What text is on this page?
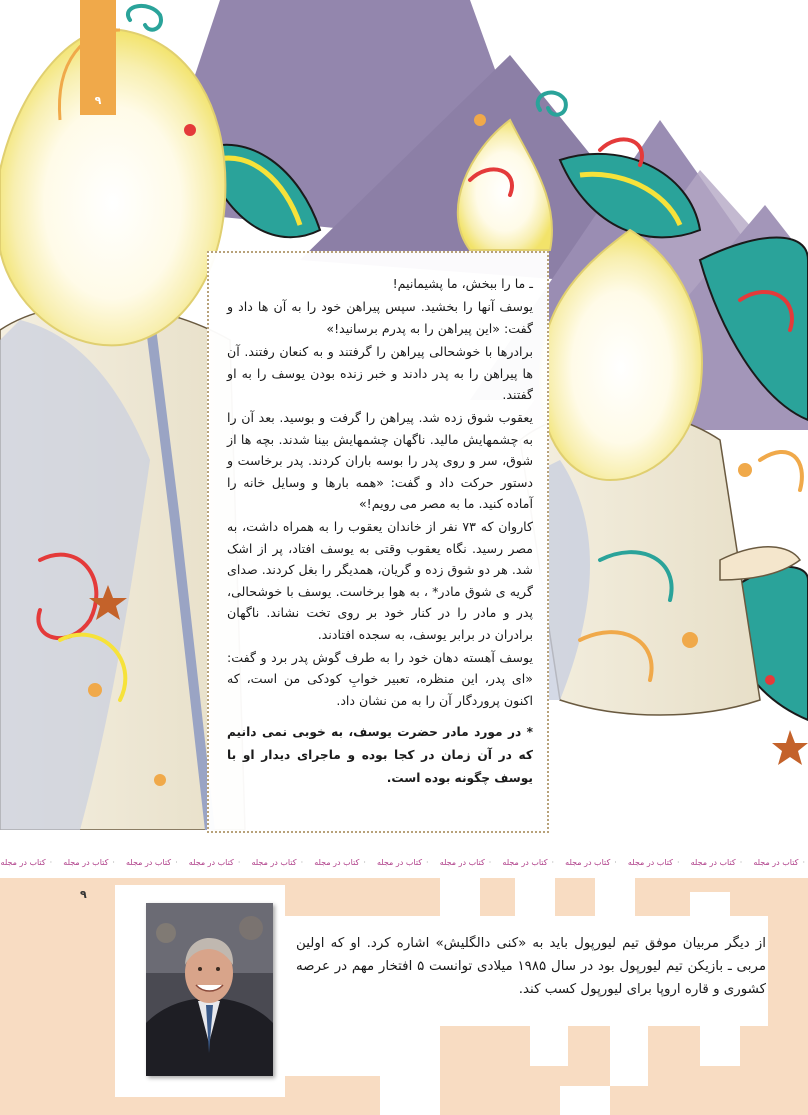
۹

ـ ما را ببخش، ما پشیمانیم!

یوسف آنها را بخشید. سپس پیراهن خود را به آن ها داد و گفت: «این پیراهن را به پدرم برسانید!»

برادرها با خوشحالی پیراهن را گرفتند و به کنعان رفتند. آن ها پیراهن را به پدر دادند و خبر زنده بودن یوسف را به او گفتند.

یعقوب شوق زده شد. پیراهن را گرفت و بوسید. بعد آن را به چشمهایش مالید. ناگهان چشمهایش بینا شدند. بچه ها از شوق، سر و روی پدر را بوسه باران کردند. پدر برخاست و دستور حرکت داد و گفت: «همه بارها و وسایل خانه را آماده کنید. ما به مصر می رویم!»

کاروان که ۷۳ نفر از خاندان یعقوب را به همراه داشت، به مصر رسید. نگاه یعقوب وقتی به یوسف افتاد، پر از اشک شد. هر دو شوق زده و گریان، همدیگر را بغل کردند. صدای گریه ی شوق مادر* ، به هوا برخاست. یوسف با خوشحالی، پدر و مادر را در کنار خود بر روی تخت نشاند. ناگهان برادران در برابر یوسف، به سجده افتادند.

یوسف آهسته دهان خود را به طرف گوش پدر برد و گفت: «ای پدر، این منظره، تعبیر خوابِ کودکی من است، که اکنون پروردگار آن را به من نشان داد.

* در مورد مادر حضرت یوسف، به خوبی نمی دانیم که در آن زمان در کجا بوده و ماجرای دیدار او با یوسف چگونه بوده است.

· کتاب در مجله · کتاب در مجله · کتاب در مجله · کتاب در مجله · کتاب در مجله · کتاب در مجله · کتاب در مجله · کتاب در مجله · کتاب در مجله · کتاب در مجله · کتاب در مجله · کتاب در مجله · کتاب در مجله
۹

از دیگر مربیان موفق تیم لیورپول باید به «کنی دالگلیش» اشاره کرد. او که اولین مربی ـ بازیکن تیم لیورپول بود در سال ۱۹۸۵ میلادی توانست ۵ افتخار مهم در عرصه کشوری و قاره اروپا برای لیورپول کسب کند.
